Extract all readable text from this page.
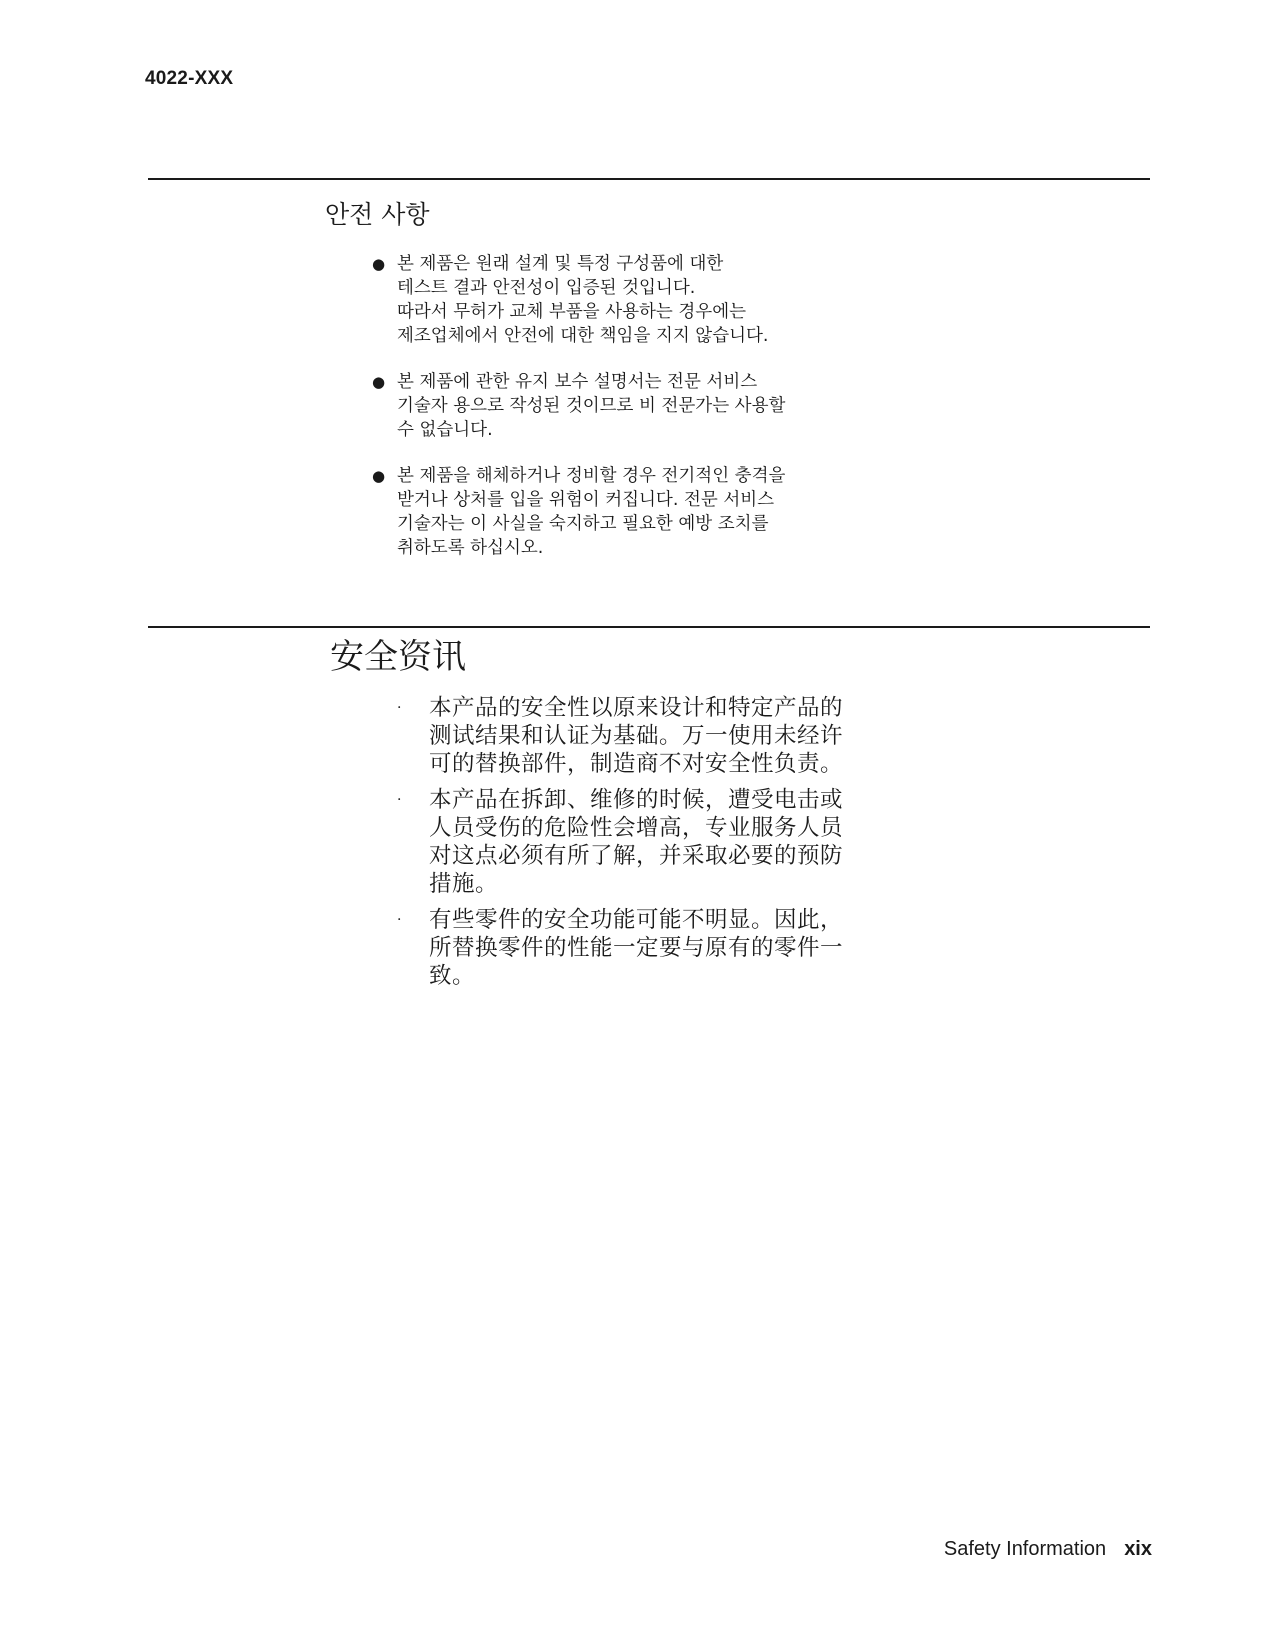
4022-XXX

안전 사항
● 본 제품은 원래 설계 및 특정 구성품에 대한
테스트 결과 안전성이 입증된 것입니다.
따라서 무허가 교체 부품을 사용하는 경우에는
제조업체에서 안전에 대한 책임을 지지 않습니다.
● 본 제품에 관한 유지 보수 설명서는 전문 서비스
기술자 용으로 작성된 것이므로 비 전문가는 사용할
수 없습니다.
● 본 제품을 해체하거나 정비할 경우 전기적인 충격을
받거나 상처를 입을 위험이 커집니다. 전문 서비스
기술자는 이 사실을 숙지하고 필요한 예방 조치를
취하도록 하십시오.
安全资讯
· 本产品的安全性以原来设计和特定产品的
测试结果和认证为基础。万一使用未经许
可的替换部件，制造商不对安全性负责。
· 本产品在拆卸、维修的时候，遭受电击或
人员受伤的危险性会增高，专业服务人员
对这点必须有所了解，并采取必要的预防
措施。
· 有些零件的安全功能可能不明显。因此，
所替换零件的性能一定要与原有的零件一
致。
Safety Information xix
